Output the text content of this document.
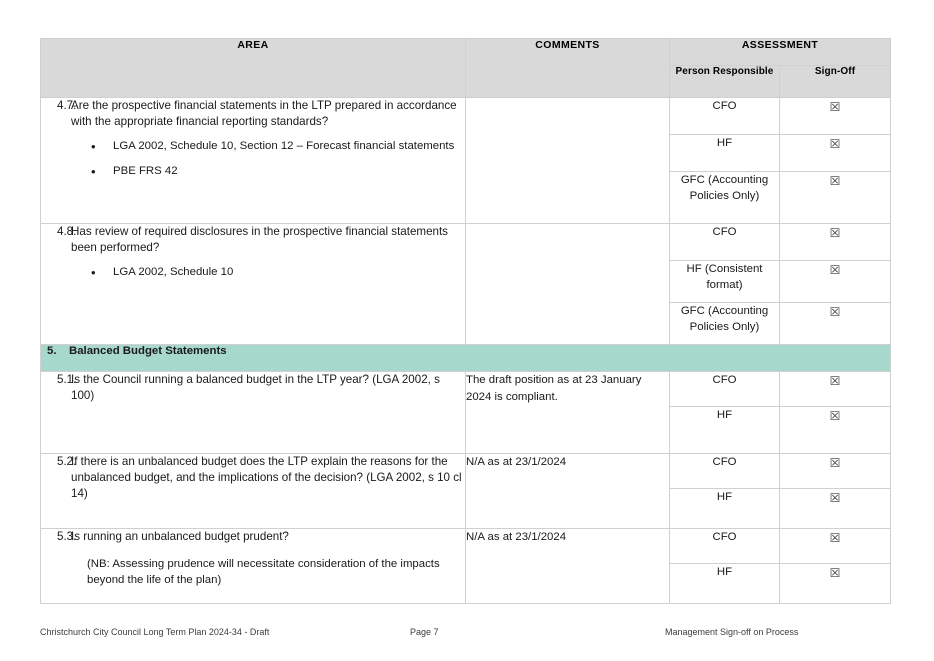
AREA	COMMENTS	ASSESSMENT	
		Person Responsible	Sign-Off

4.7.
Are the prospective financial statements in the LTP prepared in accordance with the appropriate financial reporting standards?
• LGA 2002, Schedule 10, Section 12 – Forecast financial statements
• PBE FRS 42
		CFO	☒
		HF	☒
		GFC (Accounting Policies Only)	☒

4.8.
Has review of required disclosures in the prospective financial statements been performed?
• LGA 2002, Schedule 10
		CFO	☒
		HF (Consistent format)	☒
		GFC (Accounting Policies Only)	☒

5. Balanced Budget Statements			

5.1.
Is the Council running a balanced budget in the LTP year? (LGA 2002, s 100)	The draft position as at 23 January 2024 is compliant.	CFO	☒
		HF	☒

5.2.
If there is an unbalanced budget does the LTP explain the reasons for the unbalanced budget, and the implications of the decision? (LGA 2002, s 10 cl 14)	N/A as at 23/1/2024	CFO	☒
		HF	☒

5.3.
Is running an unbalanced budget prudent?
(NB: Assessing prudence will necessitate consideration of the impacts beyond the life of the plan)	N/A as at 23/1/2024	CFO	☒
		HF	☒
Christchurch City Council Long Term Plan 2024-34 - Draft	Page 7	Management Sign-off on Process
